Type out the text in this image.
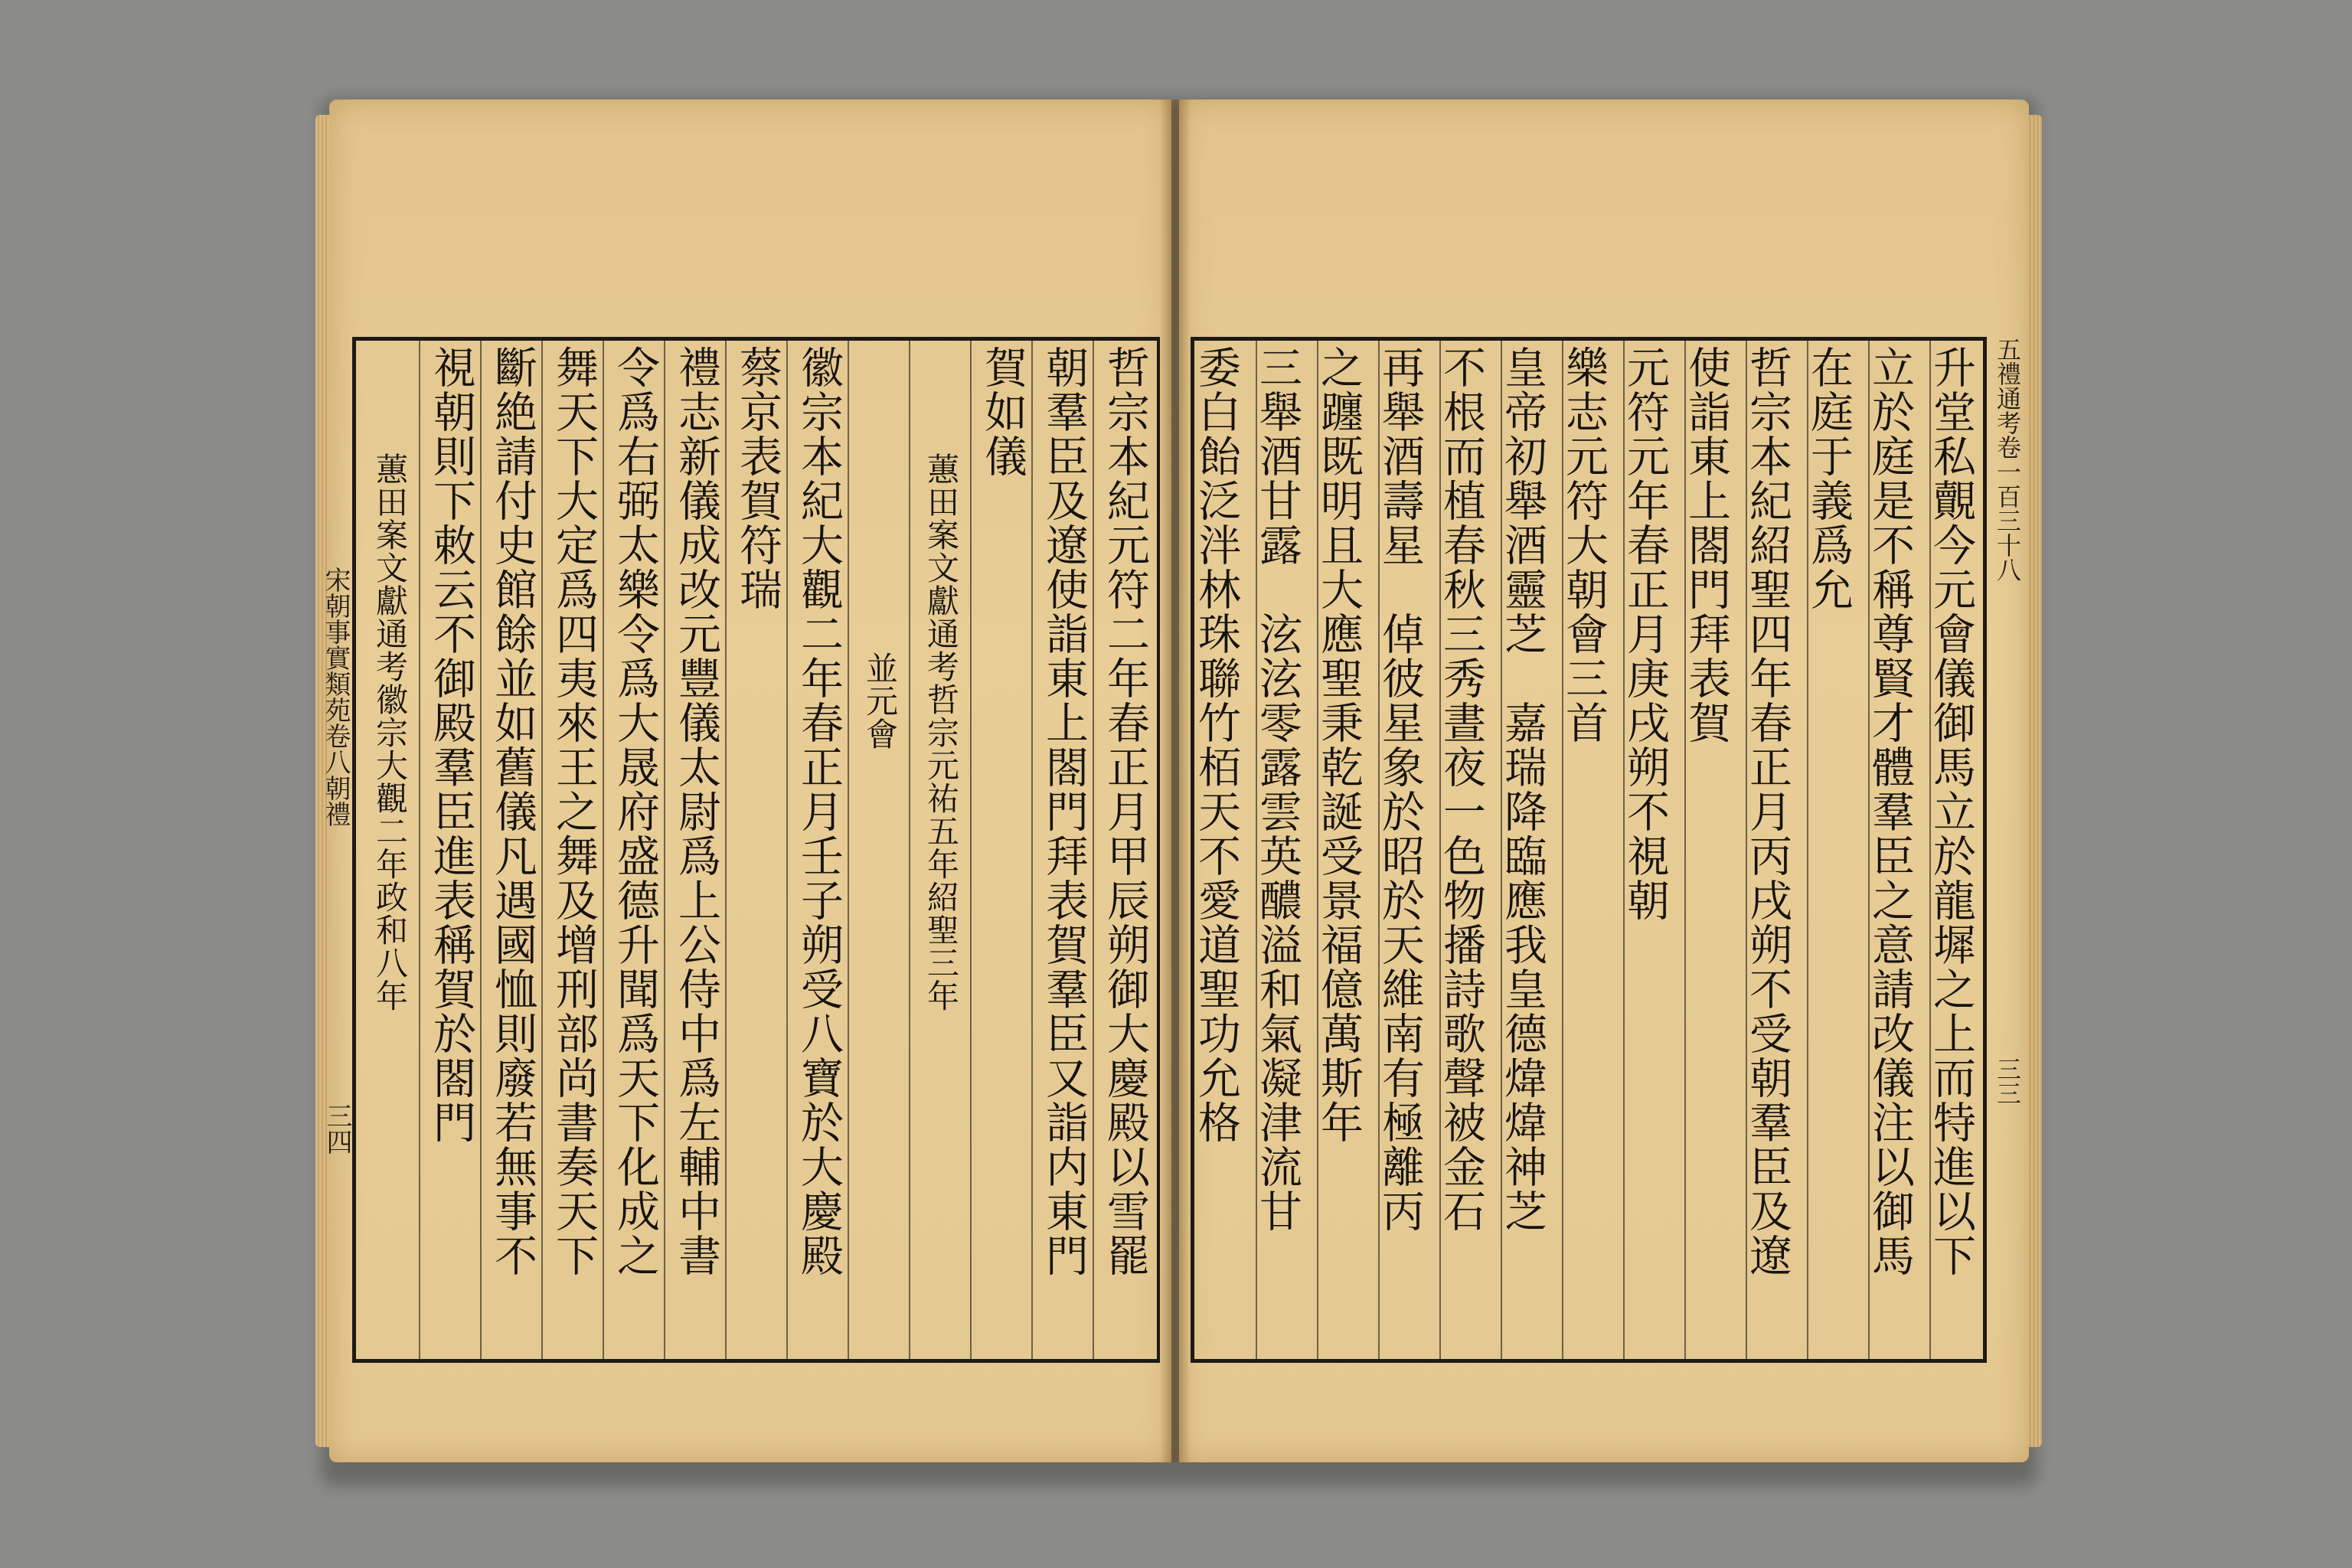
哲宗本紀元符二年春正月甲辰朔御大慶殿以雪罷
朝羣臣及遼使詣東上閤門拜表賀羣臣又詣内東門
賀如儀
蕙田案文獻通考哲宗元祐五年紹聖三年
並元會
徽宗本紀大觀二年春正月壬子朔受八寶於大慶殿
蔡京表賀符瑞
禮志新儀成改元豐儀太尉爲上公侍中爲左輔中書
令爲右弼太樂令爲大晟府盛德升聞爲天下化成之
舞天下大定爲四夷來王之舞及增刑部尚書奏天下
斷絶請付史館餘並如舊儀凡遇國恤則廢若無事不
視朝則下敕云不御殿羣臣進表稱賀於閤門
蕙田案文獻通考徽宗大觀二年政和八年
宋朝事實類苑卷八朝禮
三四	升堂私覿今元會儀御馬立於龍墀之上而特進以下
立於庭是不稱尊賢才體羣臣之意請改儀注以御馬
在庭于義爲允
哲宗本紀紹聖四年春正月丙戌朔不受朝羣臣及遼
使詣東上閤門拜表賀
元符元年春正月庚戌朔不視朝
樂志元符大朝會三首
皇帝初舉酒靈芝　嘉瑞降臨應我皇德煒煒神芝
不根而植春秋三秀晝夜一色物播詩歌聲被金石
再舉酒壽星　倬彼星象於昭於天維南有極離丙
之躔既明且大應聖秉乾誕受景福億萬斯年
三舉酒甘露　泫泫零露雲英醲溢和氣凝津流甘
委白飴泛泮林珠聯竹栢天不愛道聖功允格	五禮通考卷一百三十八
三三
